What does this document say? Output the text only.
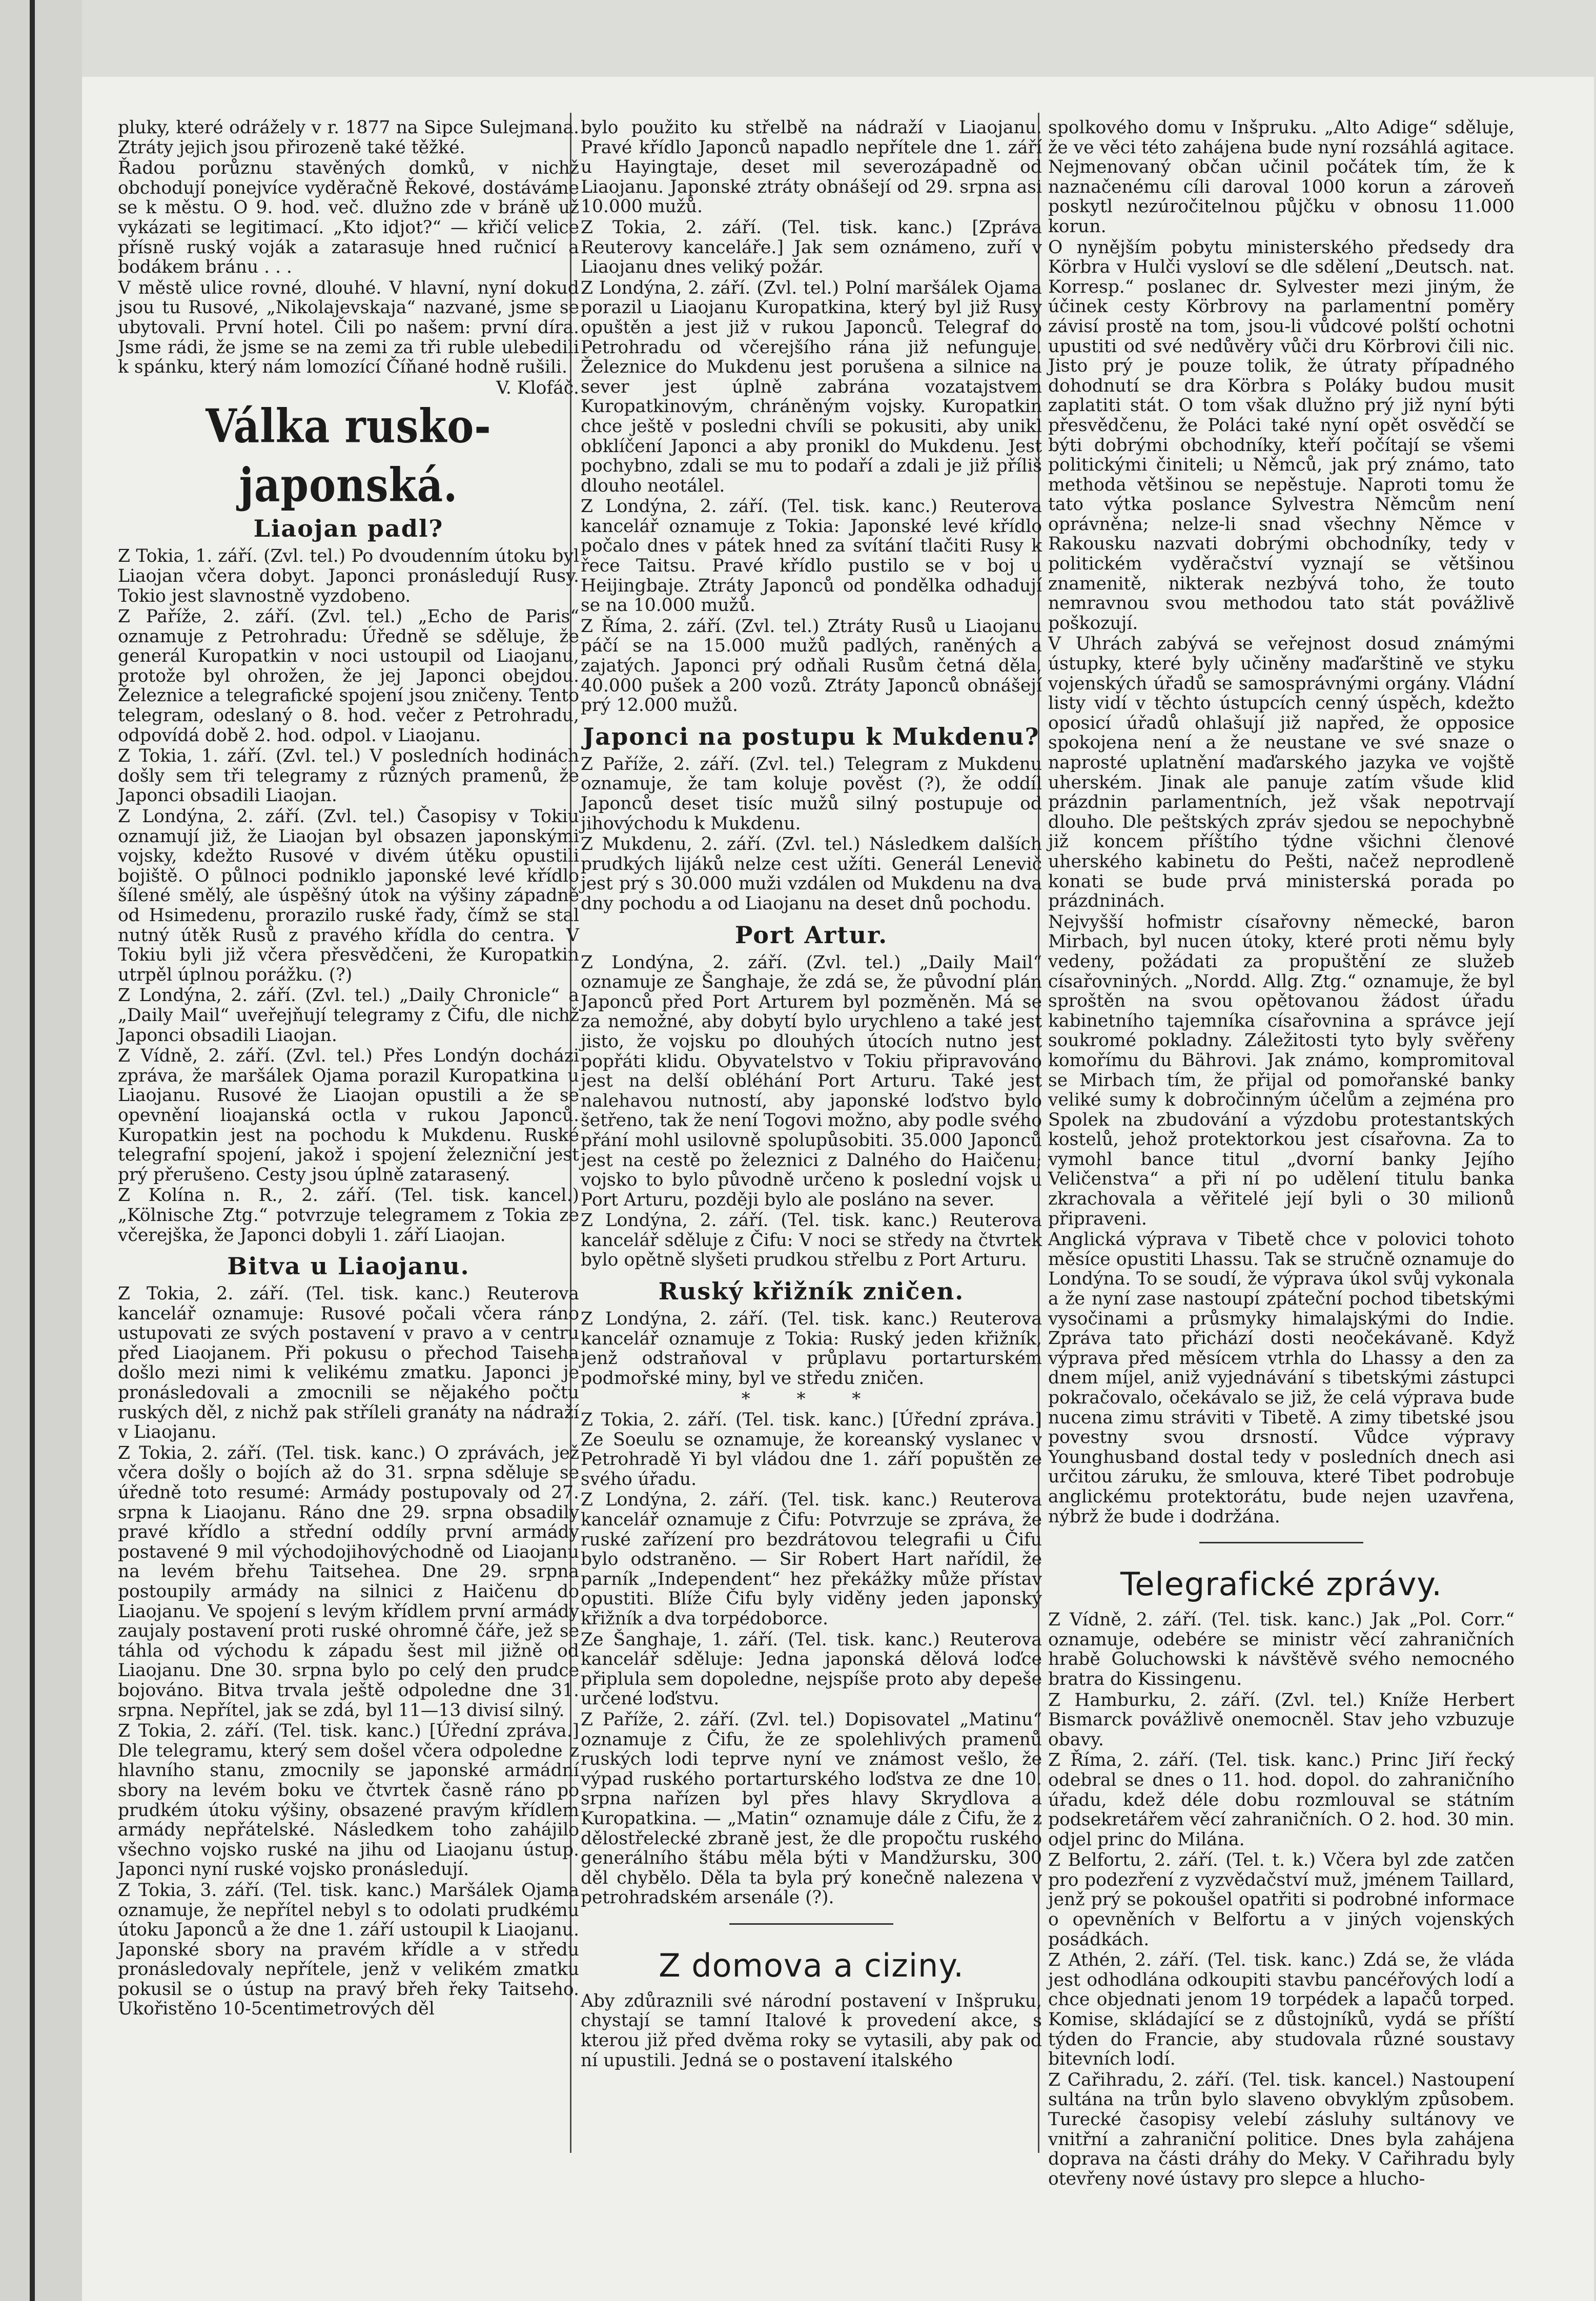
pluky, které odrážely v r. 1877 na Sipce Sulejmana. Ztráty jejich jsou přirozeně také těžké.

Řadou porůznu stavěných domků, v nichž obchodují ponejvíce vyděračně Řekové, dostáváme se k městu. O 9. hod. več. dlužno zde v bráně už vykázati se legitimací. „Kto idjot?“ — křičí velice přísně ruský voják a zatarasuje hned ručnicí a bodákem bránu . . .

V městě ulice rovné, dlouhé. V hlavní, nyní dokud jsou tu Rusové, „Nikolajevskaja“ nazvané, jsme se ubytovali. První hotel. Čili po našem: první díra. Jsme rádi, že jsme se na zemi za tři ruble ulebedili k spánku, který nám lomozící Číňané hodně rušili.

V. Klofáč.

Válka rusko-japonská.
Liaojan padl?

Z Tokia, 1. září. (Zvl. tel.) Po dvoudenním útoku byl Liaojan včera dobyt. Japonci pronásledují Rusy. Tokio jest slavnostně vyzdobeno.

Z Paříže, 2. září. (Zvl. tel.) „Echo de Paris“ oznamuje z Petrohradu: Úředně se sděluje, že generál Kuropatkin v noci ustoupil od Liaojanu, protože byl ohrožen, že jej Japonci obejdou. Železnice a telegrafické spojení jsou zničeny. Tento telegram, odeslaný o 8. hod. večer z Petrohradu, odpovídá době 2. hod. odpol. v Liaojanu.

Z Tokia, 1. září. (Zvl. tel.) V posledních hodinách došly sem tři telegramy z různých pramenů, že Japonci obsadili Liaojan.

Z Londýna, 2. září. (Zvl. tel.) Časopisy v Tokiu oznamují již, že Liaojan byl obsazen japonskými vojsky, kdežto Rusové v divém útěku opustili bojiště. O půlnoci podniklo japonské levé křídlo šílené smělý, ale úspěšný útok na výšiny západně od Hsimedenu, prorazilo ruské řady, čímž se stal nutný útěk Rusů z pravého křídla do centra. V Tokiu byli již včera přesvědčeni, že Kuropatkin utrpěl úplnou porážku. (?)

Z Londýna, 2. září. (Zvl. tel.) „Daily Chronicle“ a „Daily Mail“ uveřejňují telegramy z Čifu, dle nichž Japonci obsadili Liaojan.

Z Vídně, 2. září. (Zvl. tel.) Přes Londýn docházi zpráva, že maršálek Ojama porazil Kuropatkina u Liaojanu. Rusové že Liaojan opustili a že se opevnění lioajanská octla v rukou Japonců. Kuropatkin jest na pochodu k Mukdenu. Ruské telegrafní spojení, jakož i spojení železniční jest prý přerušeno. Cesty jsou úplně zatarasený.

Z Kolína n. R., 2. září. (Tel. tisk. kancel.) „Kölnische Ztg.“ potvrzuje telegramem z Tokia ze včerejška, že Japonci dobyli 1. září Liaojan.

Bitva u Liaojanu.

Z Tokia, 2. září. (Tel. tisk. kanc.) Reuterova kancelář oznamuje: Rusové počali včera ráno ustupovati ze svých postavení v pravo a v centru před Liaojanem. Při pokusu o přechod Taiseha došlo mezi nimi k velikému zmatku. Japonci je pronásledovali a zmocnili se nějakého počtu ruských děl, z nichž pak stříleli granáty na nádraží v Liaojanu.

Z Tokia, 2. září. (Tel. tisk. kanc.) O zprávách, jež včera došly o bojích až do 31. srpna sděluje se úředně toto resumé: Armády postupovaly od 27. srpna k Liaojanu. Ráno dne 29. srpna obsadily pravé křídlo a střední oddíly první armády postavené 9 mil východojihovýchodně od Liaojanu na levém břehu Taitsehea. Dne 29. srpna postoupily armády na silnici z Haičenu do Liaojanu. Ve spojení s levým křídlem první armády zaujaly postavení proti ruské ohromné čáře, jež se táhla od východu k západu šest mil jižně od Liaojanu. Dne 30. srpna bylo po celý den prudce bojováno. Bitva trvala ještě odpoledne dne 31. srpna. Nepřítel, jak se zdá, byl 11—13 divisí silný.

Z Tokia, 2. září. (Tel. tisk. kanc.) [Úřední zpráva.] Dle telegramu, který sem došel včera odpoledne z hlavního stanu, zmocnily se japonské armádní sbory na levém boku ve čtvrtek časně ráno po prudkém útoku výšiny, obsazené pravým křídlem armády nepřátelské. Následkem toho zahájilo všechno vojsko ruské na jihu od Liaojanu ústup. Japonci nyní ruské vojsko pronásledují.

Z Tokia, 3. září. (Tel. tisk. kanc.) Maršálek Ojama oznamuje, že nepřítel nebyl s to odolati prudkému útoku Japonců a že dne 1. září ustoupil k Liaojanu. Japonské sbory na pravém křídle a v středu pronásledovaly nepřítele, jenž v velikém zmatku pokusil se o ústup na pravý břeh řeky Taitseho. Ukořistěno 10-5centimetrových děl

bylo použito ku střelbě na nádraží v Liaojanu. Pravé křídlo Japonců napadlo nepřítele dne 1. září u Hayingtaje, deset mil severozápadně od Liaojanu. Japonské ztráty obnášejí od 29. srpna asi 10.000 mužů.

Z Tokia, 2. září. (Tel. tisk. kanc.) [Zpráva Reuterovy kanceláře.] Jak sem oznámeno, zuří v Liaojanu dnes veliký požár.

Z Londýna, 2. září. (Zvl. tel.) Polní maršálek Ojama porazil u Liaojanu Kuropatkina, který byl již Rusy opuštěn a jest již v rukou Japonců. Telegraf do Petrohradu od včerejšího rána již nefunguje. Železnice do Mukdenu jest porušena a silnice na sever jest úplně zabrána vozatajstvem Kuropatkinovým, chráněným vojsky. Kuropatkin chce ještě v posledni chvíli se pokusiti, aby unikl obklíčení Japonci a aby pronikl do Mukdenu. Jest pochybno, zdali se mu to podaří a zdali je již příliš dlouho neotálel.

Z Londýna, 2. září. (Tel. tisk. kanc.) Reuterova kancelář oznamuje z Tokia: Japonské levé křídlo počalo dnes v pátek hned za svítání tlačiti Rusy k řece Taitsu. Pravé křídlo pustilo se v boj u Heijingbaje. Ztráty Japonců od pondělka odhadují se na 10.000 mužů.

Z Říma, 2. září. (Zvl. tel.) Ztráty Rusů u Liaojanu páčí se na 15.000 mužů padlých, raněných a zajatých. Japonci prý odňali Rusům četná děla, 40.000 pušek a 200 vozů. Ztráty Japonců obnášejí prý 12.000 mužů.

Japonci na postupu k Mukdenu?

Z Paříže, 2. září. (Zvl. tel.) Telegram z Mukdenu oznamuje, že tam koluje pověst (?), že oddíl Japonců deset tisíc mužů silný postupuje od jihovýchodu k Mukdenu.

Z Mukdenu, 2. září. (Zvl. tel.) Následkem dalších prudkých lijáků nelze cest užíti. Generál Lenevič jest prý s 30.000 muži vzdálen od Mukdenu na dva dny pochodu a od Liaojanu na deset dnů pochodu.

Port Artur.

Z Londýna, 2. září. (Zvl. tel.) „Daily Mail“ oznamuje ze Šanghaje, že zdá se, že původní plán Japonců před Port Arturem byl pozměněn. Má se za nemožné, aby dobytí bylo urychleno a také jest jisto, že vojsku po dlouhých útocích nutno jest popřáti klidu. Obyvatelstvo v Tokiu připravováno jest na delší obléhání Port Arturu. Také jest nalehavou nutností, aby japonské loďstvo bylo šetřeno, tak že není Togovi možno, aby podle svého přání mohl usilovně spolupůsobiti. 35.000 Japonců jest na cestě po železnici z Dalného do Haičenu; vojsko to bylo původně určeno k poslední vojsk u Port Arturu, později bylo ale posláno na sever.

Z Londýna, 2. září. (Tel. tisk. kanc.) Reuterova kancelář sděluje z Čifu: V noci se středy na čtvrtek bylo opětně slyšeti prudkou střelbu z Port Arturu.

Ruský křižník zničen.

Z Londýna, 2. září. (Tel. tisk. kanc.) Reuterova kancelář oznamuje z Tokia: Ruský jeden křižník, jenž odstraňoval v průplavu portarturském podmořské miny, byl ve středu zničen.

* * *

Z Tokia, 2. září. (Tel. tisk. kanc.) [Úřední zpráva.] Ze Soeulu se oznamuje, že koreanský vyslanec v Petrohradě Yi byl vládou dne 1. září popuštěn ze svého úřadu.

Z Londýna, 2. září. (Tel. tisk. kanc.) Reuterova kancelář oznamuje z Čifu: Potvrzuje se zpráva, že ruské zařízení pro bezdrátovou telegrafii u Čifu bylo odstraněno. — Sir Robert Hart nařídil, že parník „Independent“ hez překážky může přístav opustiti. Blíže Čifu byly viděny jeden japonský křižník a dva torpédoborce.

Ze Šanghaje, 1. září. (Tel. tisk. kanc.) Reuterova kancelář sděluje: Jedna japonská dělová loďce připlula sem dopoledne, nejspíše proto aby depeše určené loďstvu.

Z Paříže, 2. září. (Zvl. tel.) Dopisovatel „Matinu“ oznamuje z Čifu, že ze spolehlivých pramenů ruských lodi teprve nyní ve známost vešlo, že výpad ruského portarturského loďstva ze dne 10. srpna nařízen byl přes hlavy Skrydlova a Kuropatkina. — „Matin“ oznamuje dále z Čifu, že z dělostřelecké zbraně jest, že dle propočtu ruského generálního štábu měla býti v Mandžursku, 300 děl chybělo. Děla ta byla prý konečně nalezena v petrohradském arsenále (?).

Z domova a ciziny.

Aby zdůraznili své národní postavení v Inšpruku, chystají se tamní Italové k provedení akce, s kterou již před dvěma roky se vytasili, aby pak od ní upustili. Jedná se o postavení italského

spolkového domu v Inšpruku. „Alto Adige“ sděluje, že ve věci této zahájena bude nyní rozsáhlá agitace. Nejmenovaný občan učinil počátek tím, že k naznačenému cíli daroval 1000 korun a zároveň poskytl nezúročitelnou půjčku v obnosu 11.000 korun.

O nynějším pobytu ministerského předsedy dra Körbra v Hulči vysloví se dle sdělení „Deutsch. nat. Korresp.“ poslanec dr. Sylvester mezi jiným, že účinek cesty Körbrovy na parlamentní poměry závisí prostě na tom, jsou-li vůdcové polští ochotni upustiti od své nedůvěry vůči dru Körbrovi čili nic. Jisto prý je pouze tolik, že útraty případného dohodnutí se dra Körbra s Poláky budou musit zaplatiti stát. O tom však dlužno prý již nyní býti přesvědčenu, že Poláci také nyní opět osvědčí se býti dobrými obchodníky, kteří počítají se všemi politickými činiteli; u Němců, jak prý známo, tato methoda většinou se nepěstuje. Naproti tomu že tato výtka poslance Sylvestra Němcům není oprávněna; nelze-li snad všechny Němce v Rakousku nazvati dobrými obchodníky, tedy v politickém vyděračství vyznají se většinou znamenitě, nikterak nezbývá toho, že touto nemravnou svou methodou tato stát povážlivě poškozují.

V Uhrách zabývá se veřejnost dosud známými ústupky, které byly učiněny maďarštině ve styku vojenských úřadů se samosprávnými orgány. Vládní listy vidí v těchto ústupcích cenný úspěch, kdežto oposicí úřadů ohlašují již napřed, že opposice spokojena není a že neustane ve své snaze o naprosté uplatnění maďarského jazyka ve vojště uherském. Jinak ale panuje zatím všude klid prázdnin parlamentních, jež však nepotrvají dlouho. Dle peštských zpráv sjedou se nepochybně již koncem příštího týdne všichni členové uherského kabinetu do Pešti, načež neprodleně konati se bude prvá ministerská porada po prázdninách.

Nejvyšší hofmistr císařovny německé, baron Mirbach, byl nucen útoky, které proti němu byly vedeny, požádati za propuštění ze služeb císařovniných. „Nordd. Allg. Ztg.“ oznamuje, že byl sproštěn na svou opětovanou žádost úřadu kabinetního tajemníka císařovnina a správce její soukromé pokladny. Záležitosti tyto byly svěřeny komořímu du Bährovi. Jak známo, kompromitoval se Mirbach tím, že přijal od pomořanské banky veliké sumy k dobročinným účelům a zejména pro Spolek na zbudování a výzdobu protestantských kostelů, jehož protektorkou jest císařovna. Za to vymohl bance titul „dvorní banky Jejího Veličenstva“ a při ní po udělení titulu banka zkrachovala a věřitelé její byli o 30 milionů připraveni.

Anglická výprava v Tibetě chce v polovici tohoto měsíce opustiti Lhassu. Tak se stručně oznamuje do Londýna. To se soudí, že výprava úkol svůj vykonala a že nyní zase nastoupí zpáteční pochod tibetskými vysočinami a průsmyky himalajskými do Indie. Zpráva tato přichází dosti neočekávaně. Když výprava před měsícem vtrhla do Lhassy a den za dnem míjel, aniž vyjednávání s tibetskými zástupci pokračovalo, očekávalo se již, že celá výprava bude nucena zimu stráviti v Tibetě. A zimy tibetské jsou povestny svou drsností. Vůdce výpravy Younghusband dostal tedy v posledních dnech asi určitou záruku, že smlouva, které Tibet podrobuje anglickému protektorátu, bude nejen uzavřena, nýbrž že bude i dodržána.

Telegrafické zprávy.

Z Vídně, 2. září. (Tel. tisk. kanc.) Jak „Pol. Corr.“ oznamuje, odebére se ministr věcí zahraničních hrabě Goluchowski k návštěvě svého nemocného bratra do Kissingenu.

Z Hamburku, 2. září. (Zvl. tel.) Kníže Herbert Bismarck povážlivě onemocněl. Stav jeho vzbuzuje obavy.

Z Říma, 2. září. (Tel. tisk. kanc.) Princ Jiří řecký odebral se dnes o 11. hod. dopol. do zahraničního úřadu, kdež déle dobu rozmlouval se státním podsekretářem věcí zahraničních. O 2. hod. 30 min. odjel princ do Milána.

Z Belfortu, 2. září. (Tel. t. k.) Včera byl zde zatčen pro podezření z vyzvědačství muž, jménem Taillard, jenž prý se pokoušel opatřiti si podrobné informace o opevněních v Belfortu a v jiných vojenských posádkách.

Z Athén, 2. září. (Tel. tisk. kanc.) Zdá se, že vláda jest odhodlána odkoupiti stavbu pancéřových lodí a chce objednati jenom 19 torpédek a lapačů torped. Komise, skládající se z důstojníků, vydá se příští týden do Francie, aby studovala různé soustavy bitevních lodí.

Z Cařihradu, 2. září. (Tel. tisk. kancel.) Nastoupení sultána na trůn bylo slaveno obvyklým způsobem. Turecké časopisy velebí zásluhy sultánovy ve vnitřní a zahraniční politice. Dnes byla zahájena doprava na části dráhy do Meky. V Cařihradu byly otevřeny nové ústavy pro slepce a hlucho-
